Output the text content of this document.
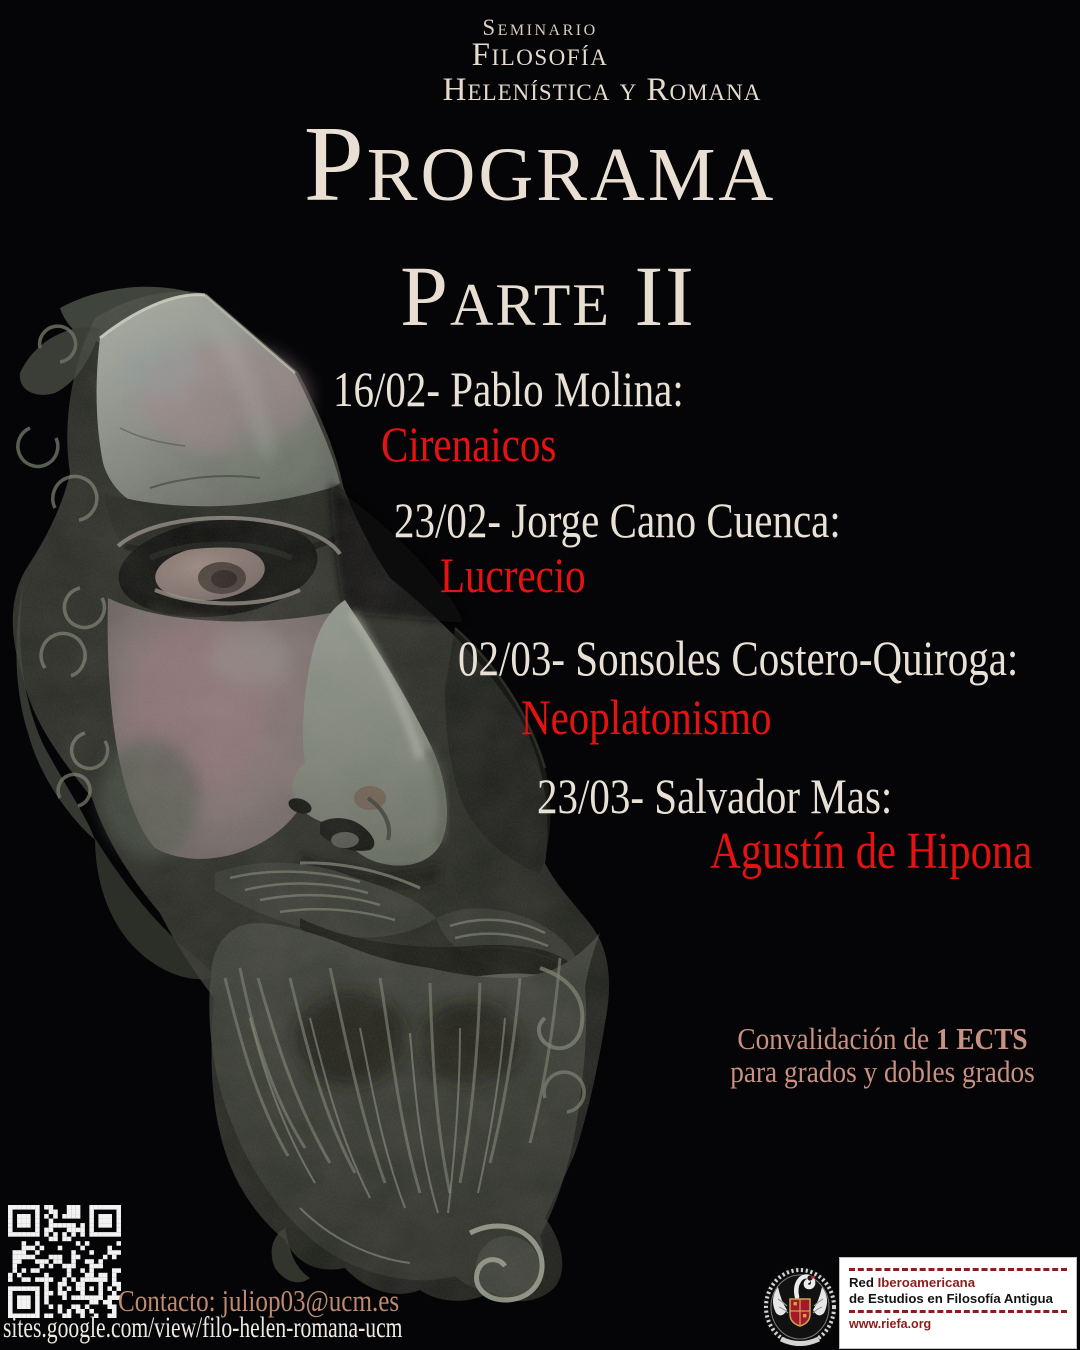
Seminario
Filosofía
Helenística y Romana
Programa
Parte II
16/02- Pablo Molina:
Cirenaicos
23/02- Jorge Cano Cuenca:
Lucrecio
02/03- Sonsoles Costero-Quiroga:
Neoplatonismo
23/03- Salvador Mas:
Agustín de Hipona
Convalidación de 1 ECTS
para grados y dobles grados
Contacto: juliop03@ucm.es
sites.google.com/view/filo-helen-romana-ucm
Red Iberoamericana
de Estudios en Filosofía Antigua
www.riefa.org
